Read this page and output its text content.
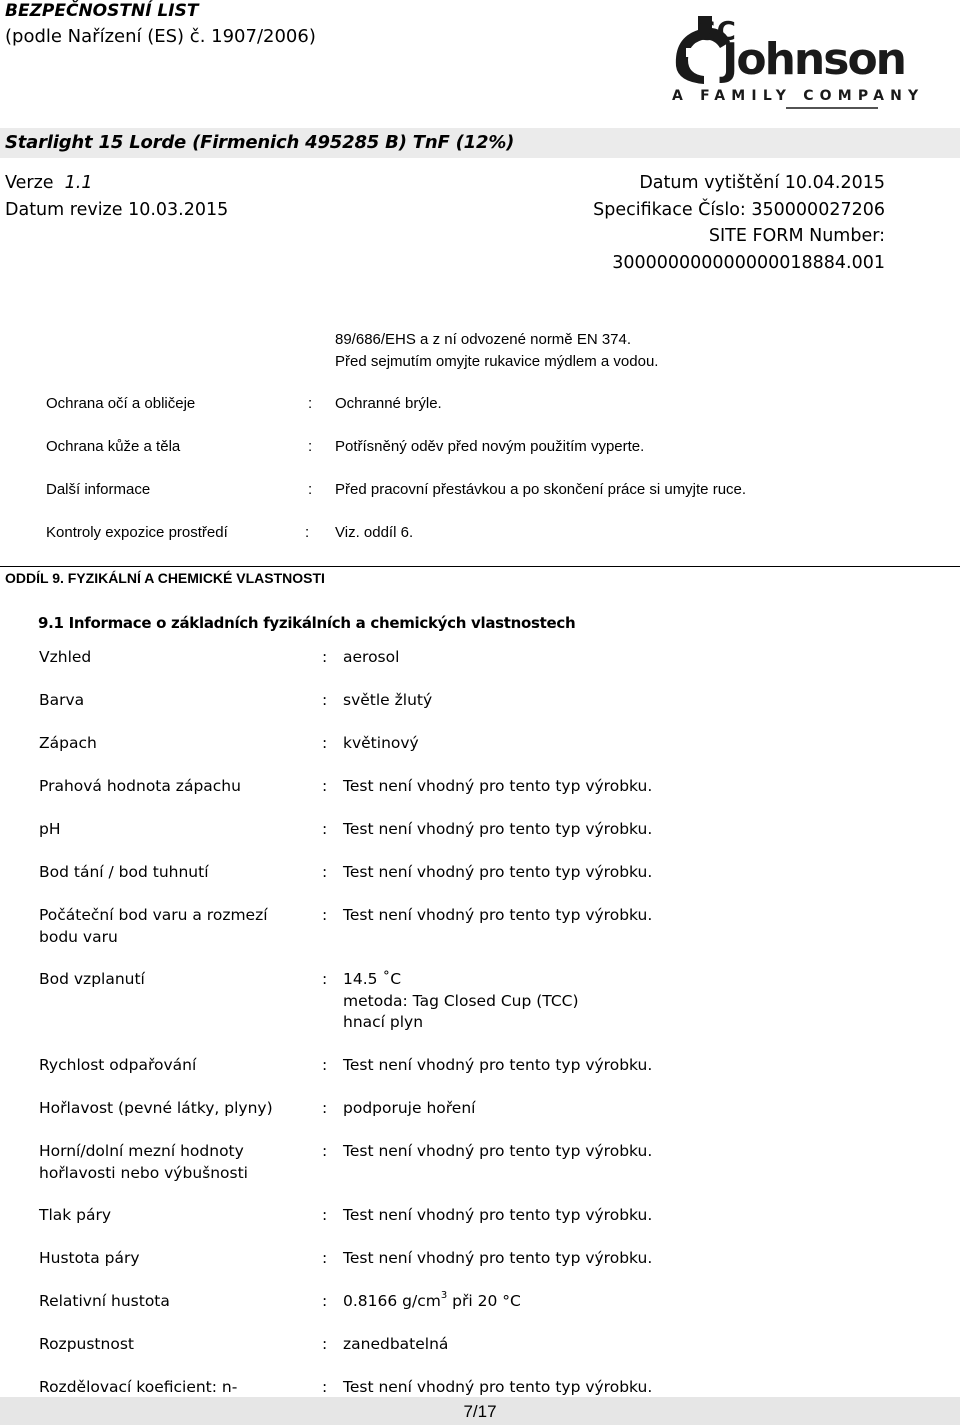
BEZPEČNOSTNÍ LIST
(podle Nařízení (ES) č. 1907/2006)	SC
Johnson
A FAMILY COMPANY
Starlight 15 Lorde (Firmenich 495285 B) TnF (12%)
Verze 1.1
Datum revize 10.03.2015
Datum vytištění 10.04.2015
Specifikace Číslo: 350000027206
SITE FORM Number:
300000000000000018884.001
89/686/EHS a z ní odvozené normě EN 374.
Před sejmutím omyjte rukavice mýdlem a vodou.
Ochrana očí a obličeje	: Ochranné brýle.
Ochrana kůže a těla	: Potřísněný oděv před novým použitím vyperte.
Další informace	: Před pracovní přestávkou a po skončení práce si umyjte ruce.
Kontroly expozice prostředí	: Viz. oddíl 6.
ODDÍL 9. FYZIKÁLNÍ A CHEMICKÉ VLASTNOSTI
9.1 Informace o základních fyzikálních a chemických vlastnostech
Vzhled	: aerosol
Barva	: světle žlutý
Zápach	: květinový
Prahová hodnota zápachu	: Test není vhodný pro tento typ výrobku.
pH	: Test není vhodný pro tento typ výrobku.
Bod tání / bod tuhnutí	: Test není vhodný pro tento typ výrobku.
Počáteční bod varu a rozmezí bodu varu
: Test není vhodný pro tento typ výrobku.
Bod vzplanutí	: 14.5 ˚C
metoda: Tag Closed Cup (TCC)
hnací plyn
Rychlost odpařování	: Test není vhodný pro tento typ výrobku.
Hořlavost (pevné látky, plyny)	: podporuje hoření
Horní/dolní mezní hodnoty hořlavosti nebo výbušnosti
: Test není vhodný pro tento typ výrobku.
Tlak páry	: Test není vhodný pro tento typ výrobku.
Hustota páry	: Test není vhodný pro tento typ výrobku.
Relativní hustota	: 0.8166 $g/cm^3$ při 20 °C
Rozpustnost	: zanedbatelná
Rozdělovací koeficient: n-	: Test není vhodný pro tento typ výrobku.
7/17
